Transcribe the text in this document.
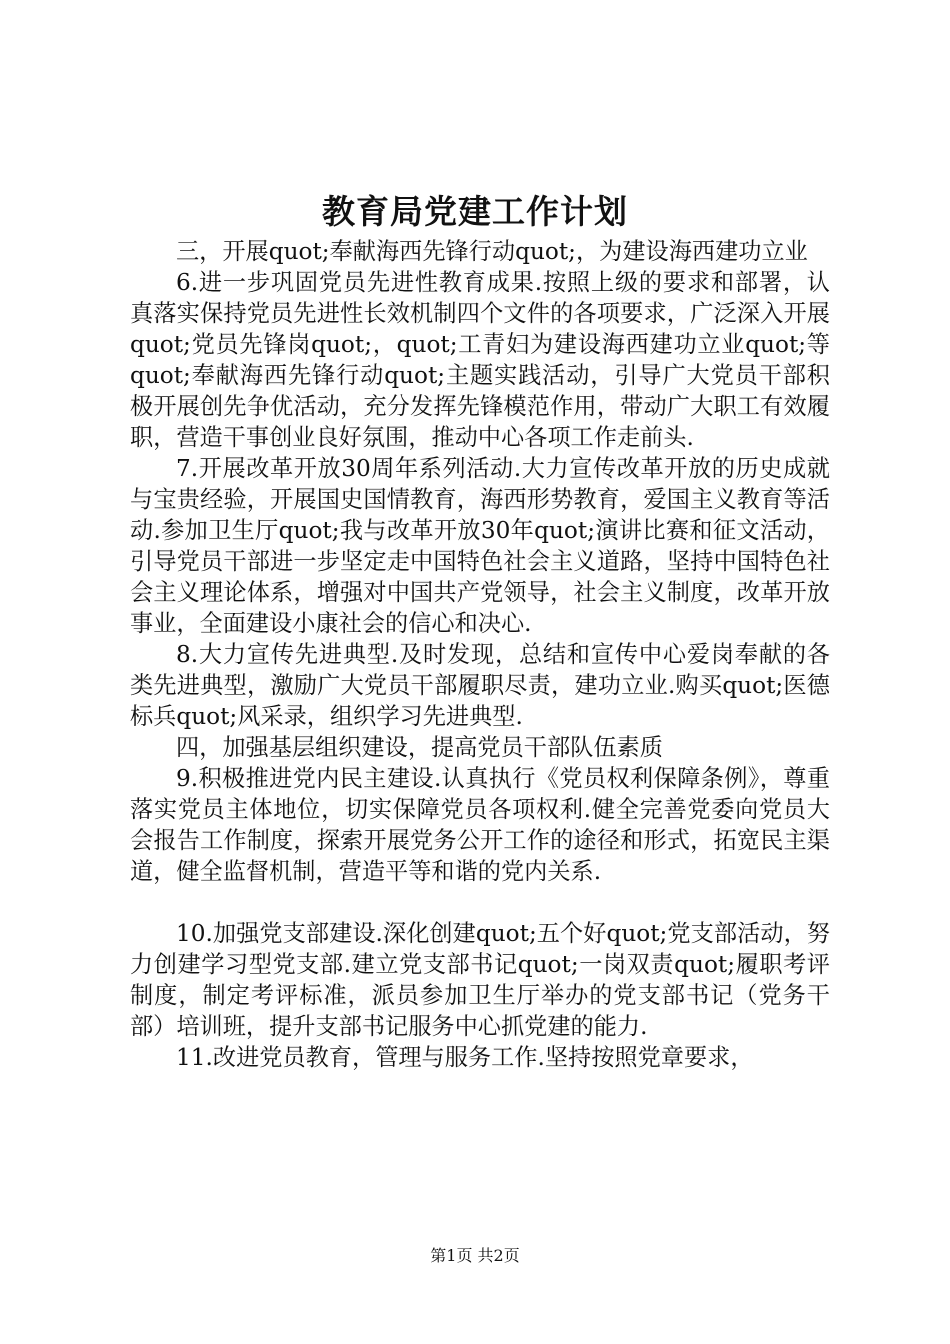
教育局党建工作计划

三，开展quot;奉献海西先锋行动quot;，为建设海西建功立业

6.进一步巩固党员先进性教育成果.按照上级的要求和部署，认真落实保持党员先进性长效机制四个文件的各项要求，广泛深入开展quot;党员先锋岗quot;，quot;工青妇为建设海西建功立业quot;等quot;奉献海西先锋行动quot;主题实践活动，引导广大党员干部积极开展创先争优活动，充分发挥先锋模范作用，带动广大职工有效履职，营造干事创业良好氛围，推动中心各项工作走前头.

7.开展改革开放30周年系列活动.大力宣传改革开放的历史成就与宝贵经验，开展国史国情教育，海西形势教育，爱国主义教育等活动.参加卫生厅quot;我与改革开放30年quot;演讲比赛和征文活动，引导党员干部进一步坚定走中国特色社会主义道路，坚持中国特色社会主义理论体系，增强对中国共产党领导，社会主义制度，改革开放事业，全面建设小康社会的信心和决心.

8.大力宣传先进典型.及时发现，总结和宣传中心爱岗奉献的各类先进典型，激励广大党员干部履职尽责，建功立业.购买quot;医德标兵quot;风采录，组织学习先进典型.

四，加强基层组织建设，提高党员干部队伍素质

9.积极推进党内民主建设.认真执行《党员权利保障条例》，尊重落实党员主体地位，切实保障党员各项权利.健全完善党委向党员大会报告工作制度，探索开展党务公开工作的途径和形式，拓宽民主渠道，健全监督机制，营造平等和谐的党内关系.

10.加强党支部建设.深化创建quot;五个好quot;党支部活动，努力创建学习型党支部.建立党支部书记quot;一岗双责quot;履职考评制度，制定考评标准，派员参加卫生厅举办的党支部书记（党务干部）培训班，提升支部书记服务中心抓党建的能力.

11.改进党员教育，管理与服务工作.坚持按照党章要求，

第1页 共2页
